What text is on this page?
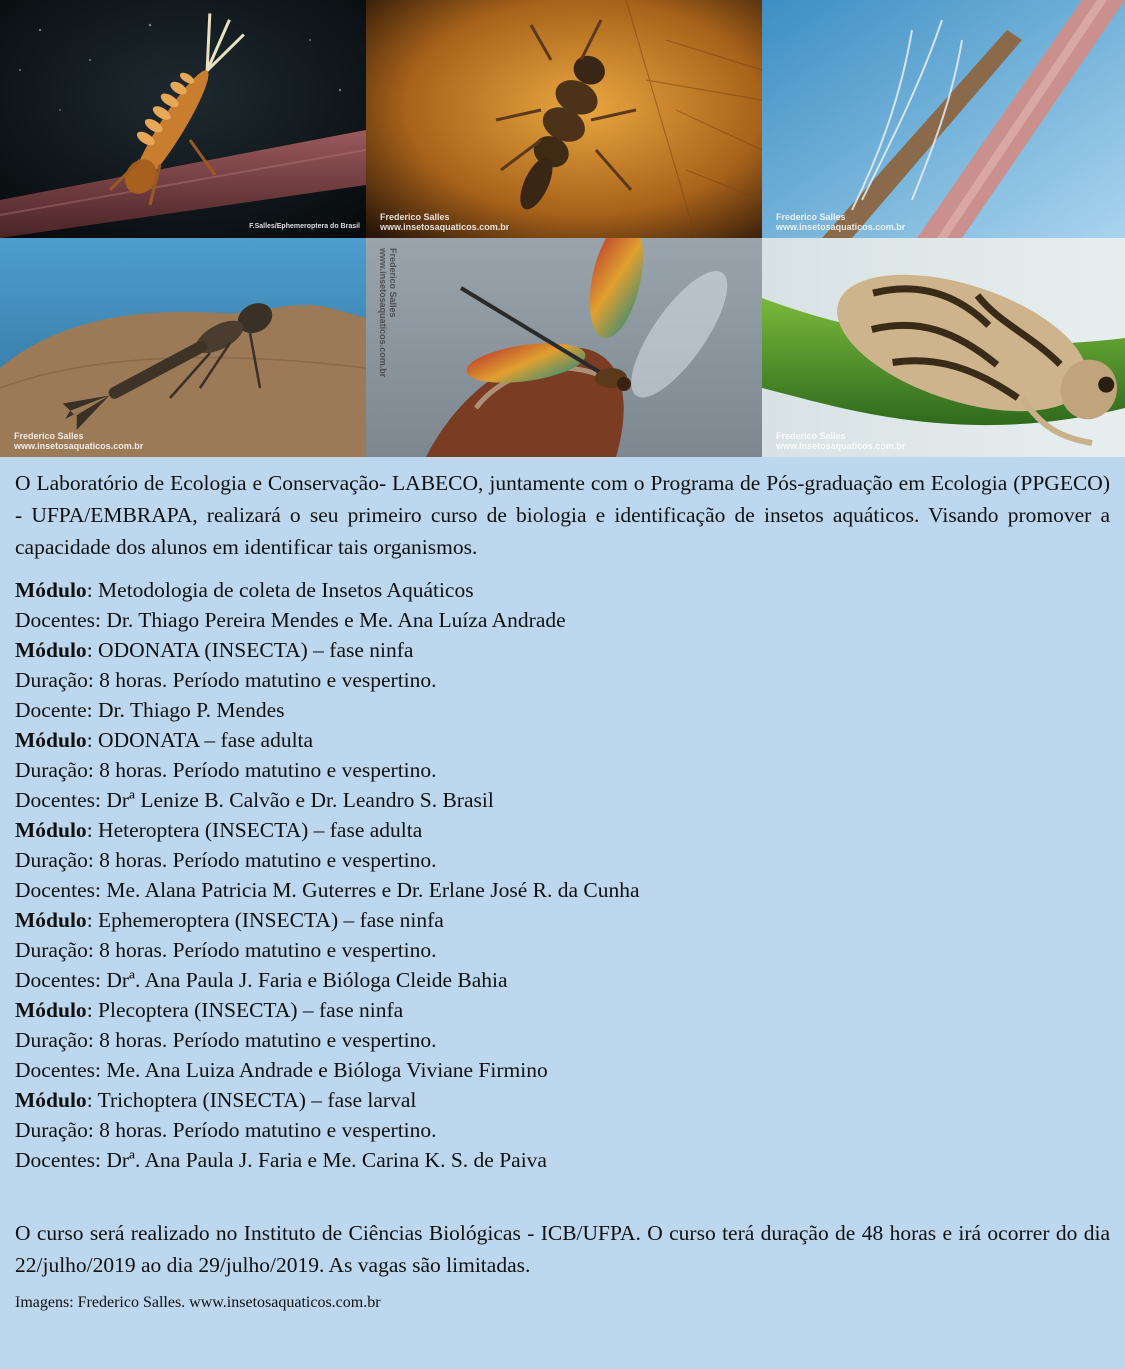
F.Salles/Ephemeroptera do Brasil
Frederico Salles
www.insetosaquaticos.com.br
Frederico Salles
www.insetosaquaticos.com.br
Frederico Salles
www.insetosaquaticos.com.br
Frederico Salles
www.insetosaquaticos.com.br
Frederico Salles
www.insetosaquaticos.com.br

O Laboratório de Ecologia e Conservação- LABECO, juntamente com o Programa de Pós-graduação em Ecologia (PPGECO) - UFPA/EMBRAPA, realizará o seu primeiro curso de biologia e identificação de insetos aquáticos. Visando promover a capacidade dos alunos em identificar tais organismos.

Módulo: Metodologia de coleta de Insetos Aquáticos
Docentes: Dr. Thiago Pereira Mendes e Me. Ana Luíza Andrade
Módulo: ODONATA (INSECTA) – fase ninfa
Duração: 8 horas. Período matutino e vespertino.
Docente: Dr. Thiago P. Mendes
Módulo: ODONATA – fase adulta
Duração: 8 horas. Período matutino e vespertino.
Docentes: Drª Lenize B. Calvão e Dr. Leandro S. Brasil
Módulo: Heteroptera (INSECTA) – fase adulta
Duração: 8 horas. Período matutino e vespertino.
Docentes: Me. Alana Patricia M. Guterres e Dr. Erlane José R. da Cunha
Módulo: Ephemeroptera (INSECTA) – fase ninfa
Duração: 8 horas. Período matutino e vespertino.
Docentes: Drª. Ana Paula J. Faria e Bióloga Cleide Bahia
Módulo: Plecoptera (INSECTA) – fase ninfa
Duração: 8 horas. Período matutino e vespertino.
Docentes: Me. Ana Luiza Andrade e Bióloga Viviane Firmino
Módulo: Trichoptera (INSECTA) – fase larval
Duração: 8 horas. Período matutino e vespertino.
Docentes: Drª. Ana Paula J. Faria e Me. Carina K. S. de Paiva

O curso será realizado no Instituto de Ciências Biológicas - ICB/UFPA. O curso terá duração de 48 horas e irá ocorrer do dia 22/julho/2019 ao dia 29/julho/2019. As vagas são limitadas.

Imagens: Frederico Salles. www.insetosaquaticos.com.br
